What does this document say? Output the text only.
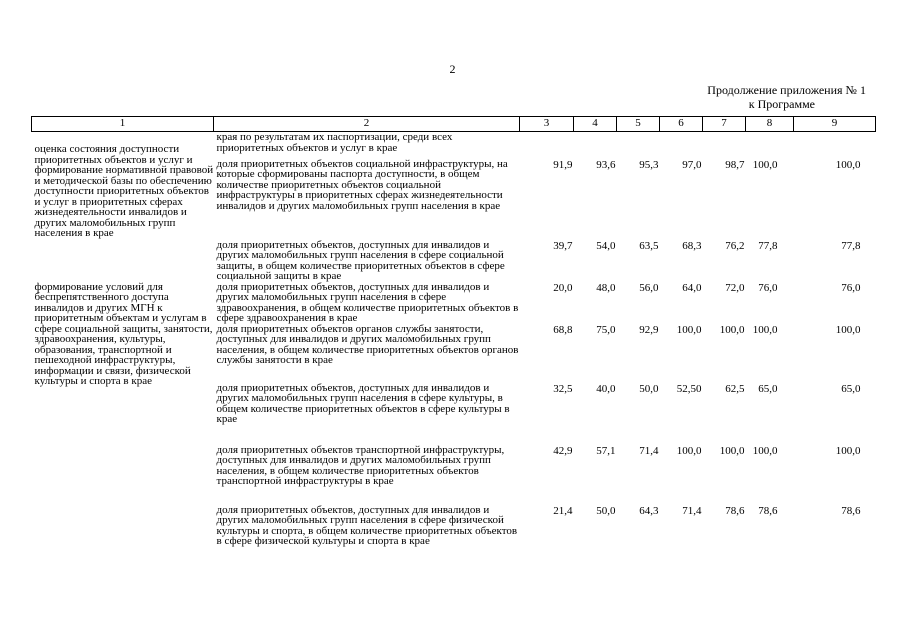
2
Продолжение приложения № 1
к Программе
1	2	3	4	5	6	7	8	9
оценка состояния доступности приоритетных объектов и услуг и формирование нормативной правовой и методической базы по обеспечению доступности приоритетных объектов и услуг в приоритетных сферах жизнедеятельности инвалидов и других маломобильных групп населения в крае	края по результатам их паспортизации, среди всех приоритетных объектов и услуг в крае							
	доля приоритетных объектов социальной инфраструктуры, на которые сформированы паспорта доступности, в общем количестве приоритетных объектов социальной инфраструктуры в приоритетных сферах жизнедеятельности инвалидов и других маломобильных групп населения в крае	91,9	93,6	95,3	97,0	98,7	100,0	100,0
	доля приоритетных объектов, доступных для инвалидов и других маломобильных групп населения в сфере социальной защиты, в общем количестве приоритетных объектов в сфере социальной защиты в крае	39,7	54,0	63,5	68,3	76,2	77,8	77,8
формирование условий для беспрепятственного доступа инвалидов и других МГН к приоритетным объектам и услугам в сфере социальной защиты, занятости, здравоохранения, культуры, образования, транспортной и пешеходной инфраструктуры, информации и связи, физической культуры и спорта в крае	доля приоритетных объектов, доступных для инвалидов и других маломобильных групп населения в сфере здравоохранения, в общем количестве приоритетных объектов в сфере здравоохранения в крае	20,0	48,0	56,0	64,0	72,0	76,0	76,0
	доля приоритетных объектов органов службы занятости, доступных для инвалидов и других маломобильных групп населения, в общем количестве приоритетных объектов органов службы занятости в крае	68,8	75,0	92,9	100,0	100,0	100,0	100,0
	доля приоритетных объектов, доступных для инвалидов и других маломобильных групп населения в сфере культуры, в общем количестве приоритетных объектов в сфере культуры в крае	32,5	40,0	50,0	52,50	62,5	65,0	65,0
	доля приоритетных объектов транспортной инфраструктуры, доступных для инвалидов и других маломобильных групп населения, в общем количестве приоритетных объектов транспортной инфраструктуры в крае	42,9	57,1	71,4	100,0	100,0	100,0	100,0
	доля приоритетных объектов, доступных для инвалидов и других маломобильных групп населения в сфере физической культуры и спорта, в общем количестве приоритетных объектов в сфере физической культуры и спорта в крае	21,4	50,0	64,3	71,4	78,6	78,6	78,6
